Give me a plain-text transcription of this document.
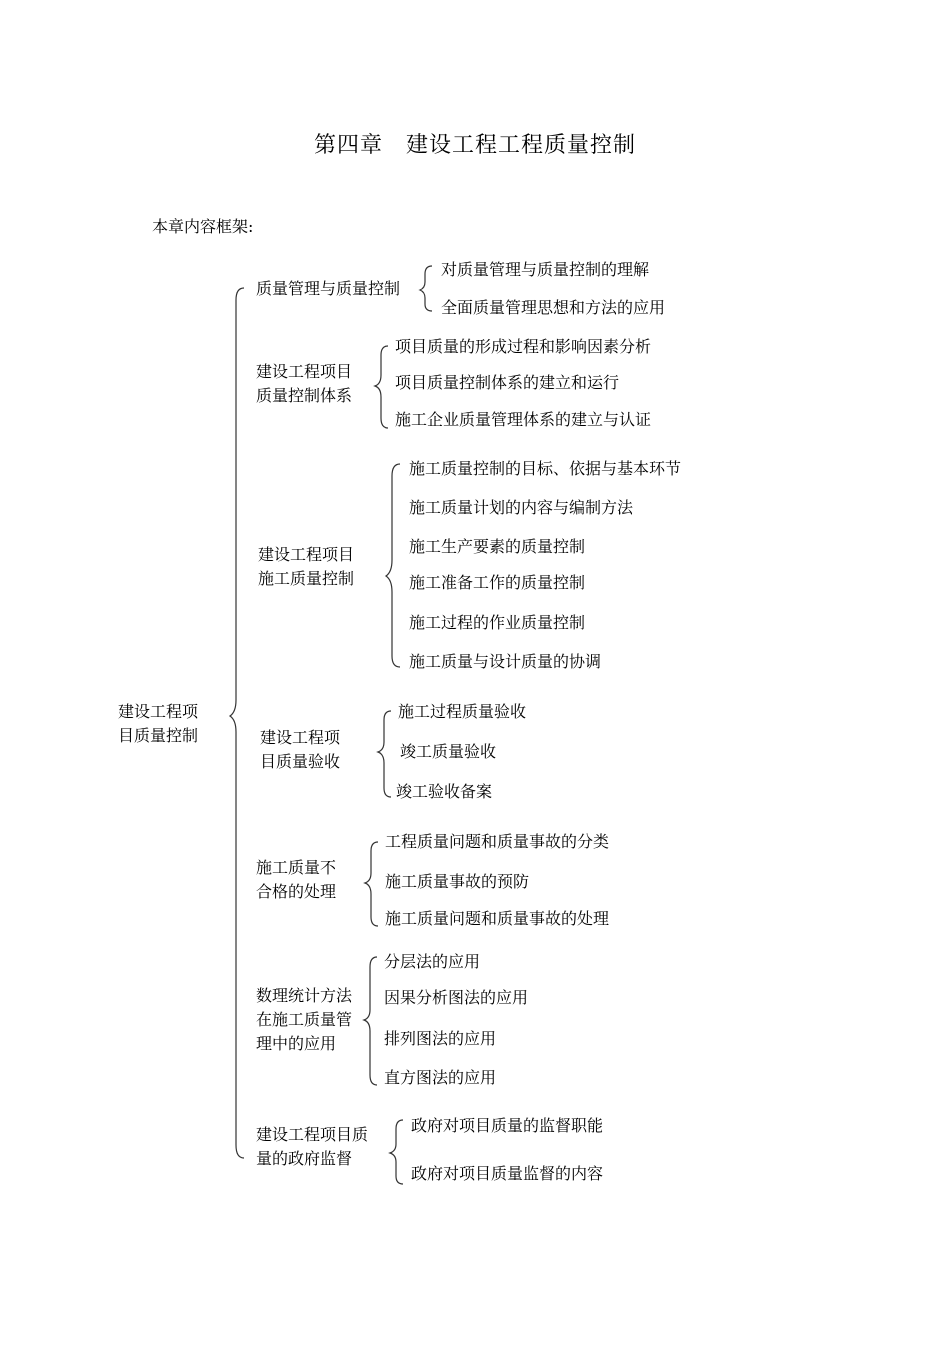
第四章　建设工程工程质量控制
本章内容框架:
建设工程项
目质量控制
质量管理与质量控制
对质量管理与质量控制的理解
全面质量管理思想和方法的应用
建设工程项目
质量控制体系
项目质量的形成过程和影响因素分析
项目质量控制体系的建立和运行
施工企业质量管理体系的建立与认证
建设工程项目
施工质量控制
施工质量控制的目标、依据与基本环节
施工质量计划的内容与编制方法
施工生产要素的质量控制
施工准备工作的质量控制
施工过程的作业质量控制
施工质量与设计质量的协调
建设工程项
目质量验收
施工过程质量验收
竣工质量验收
竣工验收备案
施工质量不
合格的处理
工程质量问题和质量事故的分类
施工质量事故的预防
施工质量问题和质量事故的处理
数理统计方法
在施工质量管
理中的应用
分层法的应用
因果分析图法的应用
排列图法的应用
直方图法的应用
建设工程项目质
量的政府监督
政府对项目质量的监督职能
政府对项目质量监督的内容
